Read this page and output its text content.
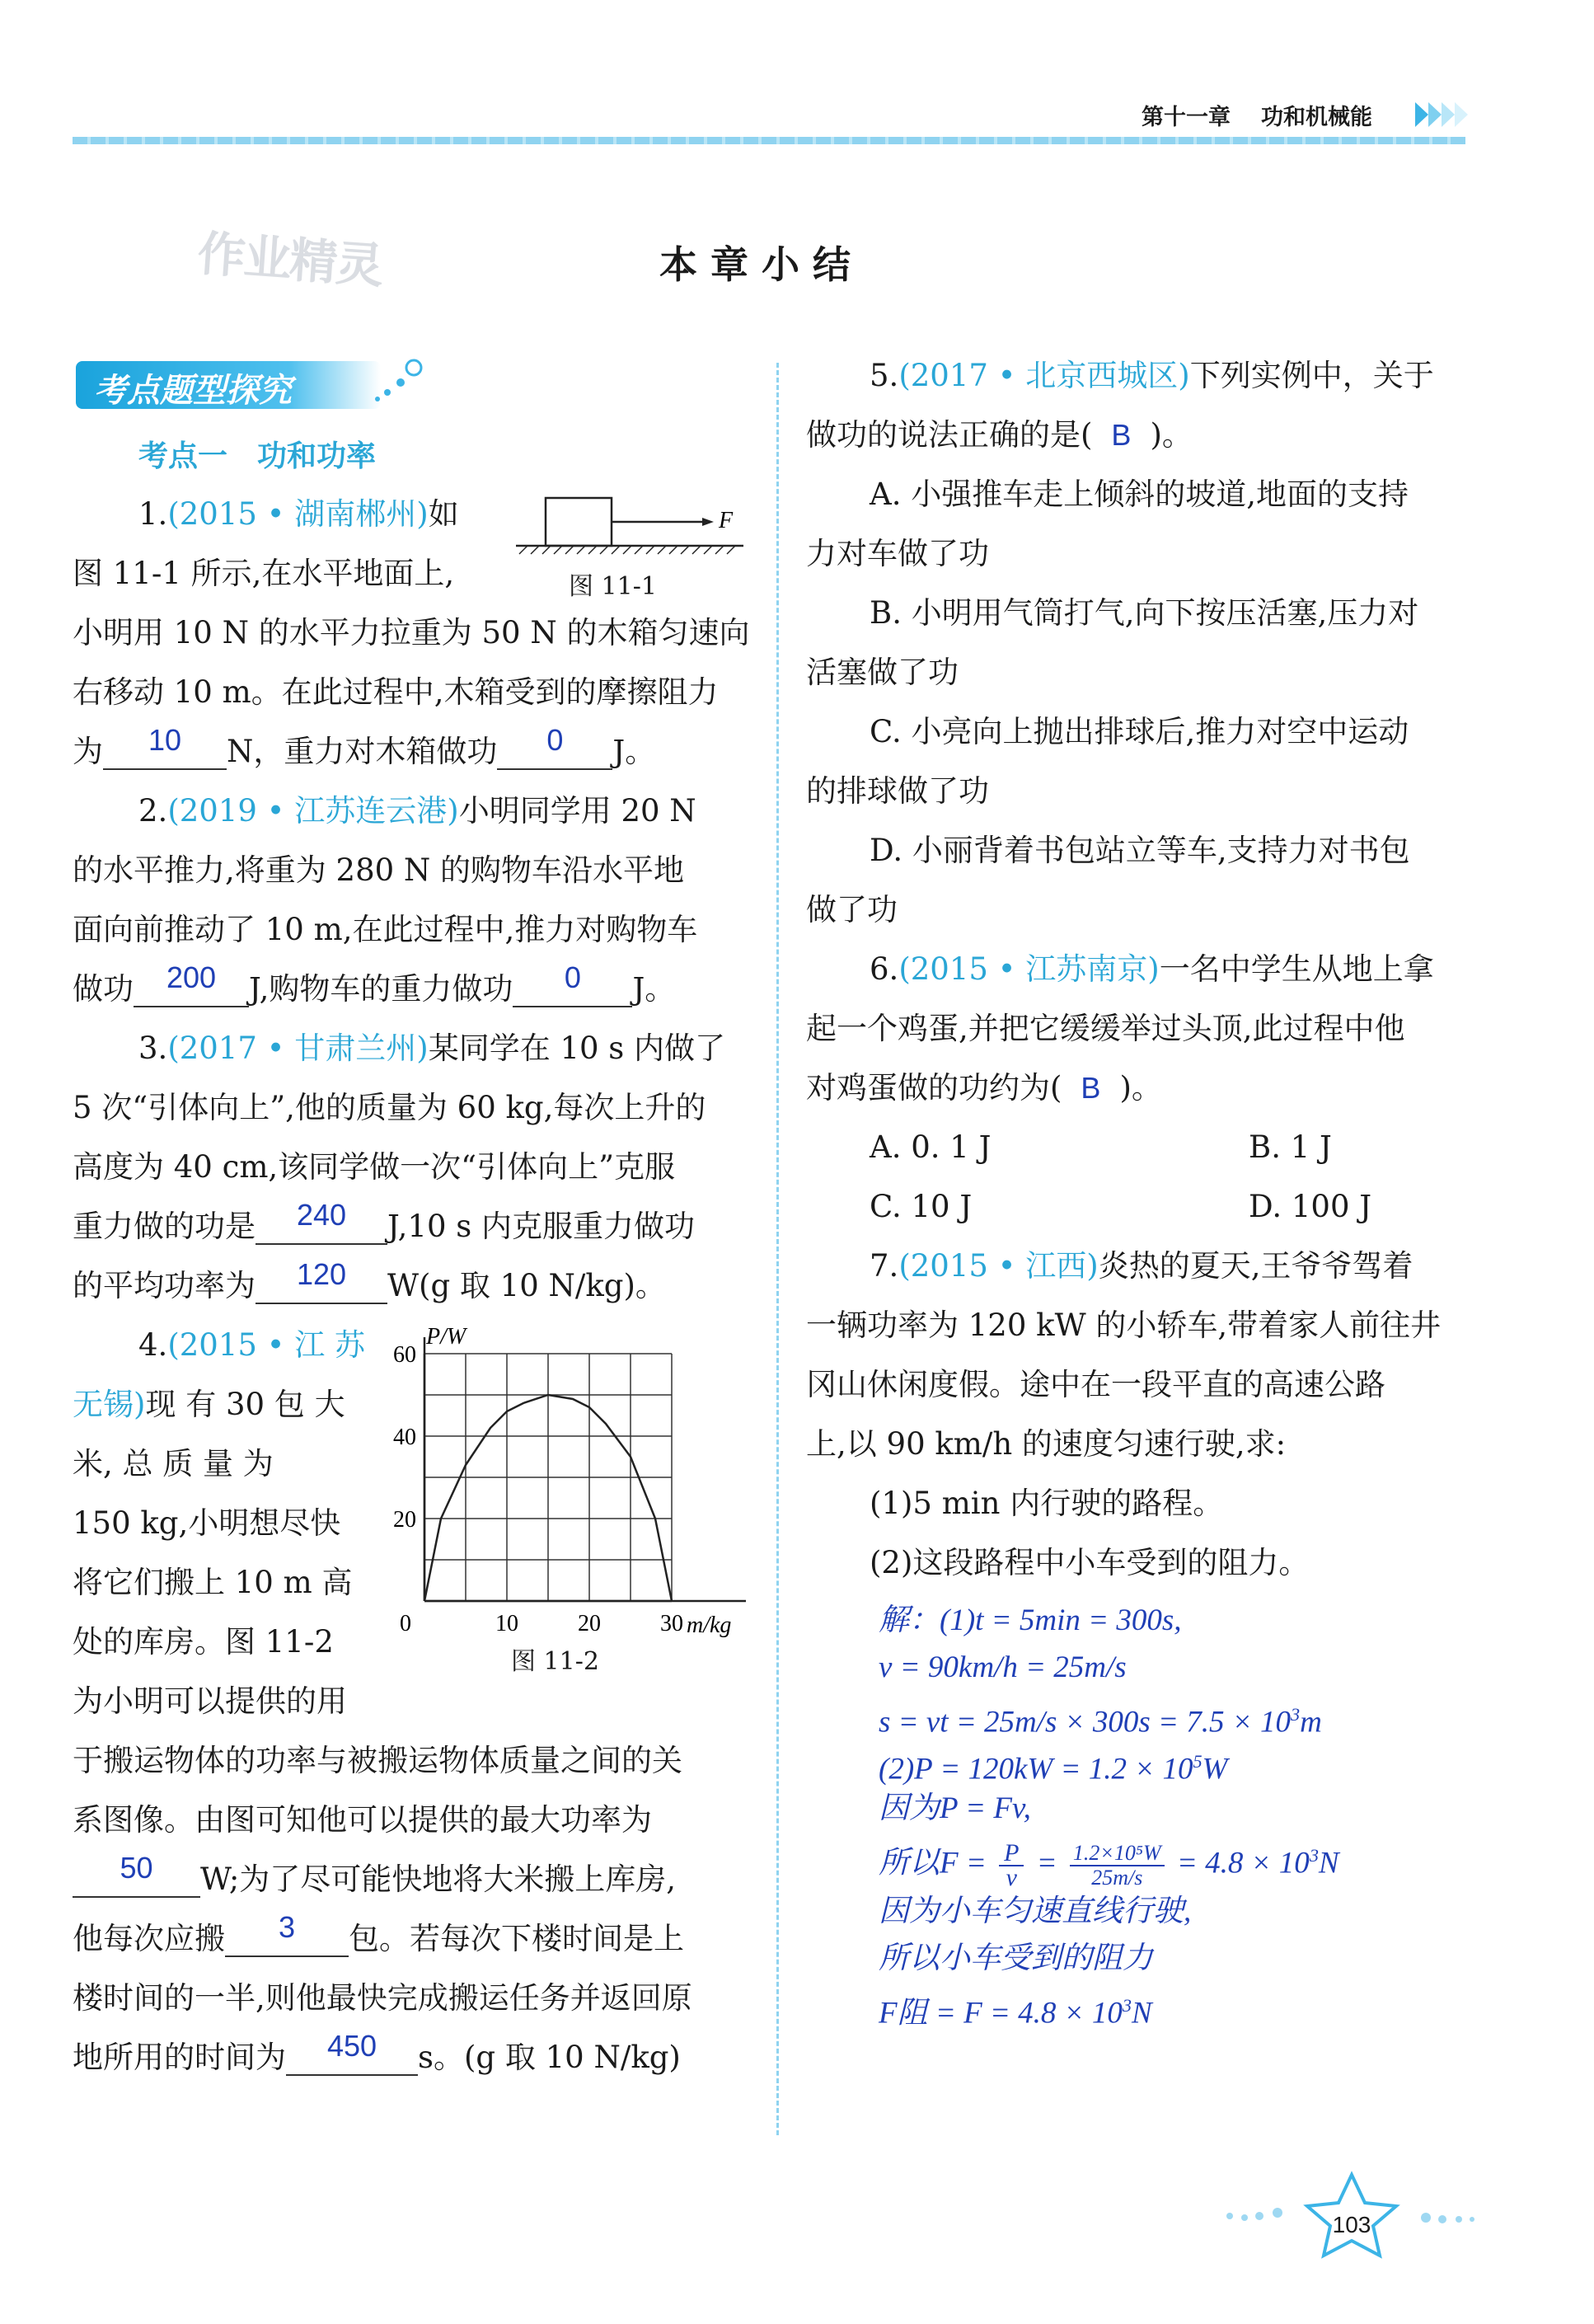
第十一章 功和机械能
作业精灵	本 章 小 结
考点题型探究
考点一　功和功率
1.(2015 • 湖南郴州)如	F
图 11-1
图 11-1 所示,在水平地面上,
小明用 10 N 的水平力拉重为 50 N 的木箱匀速向
右移动 10 m。在此过程中,木箱受到的摩擦阻力
为 10 N，重力对木箱做功 0 J。
2.(2019 • 江苏连云港)小明同学用 20 N
的水平推力,将重为 280 N 的购物车沿水平地
面向前推动了 10 m,在此过程中,推力对购物车
做功 200 J,购物车的重力做功 0 J。
3.(2017 • 甘肃兰州)某同学在 10 s 内做了
5 次“引体向上”,他的质量为 60 kg,每次上升的
高度为 40 cm,该同学做一次“引体向上”克服
重力做的功是 240 J,10 s 内克服重力做功
的平均功率为 120 W(g 取 10 N/kg)。
4.(2015 • 江 苏
无锡)现 有 30 包 大
米, 总 质 量 为
150 kg,小明想尽快
将它们搬上 10 m 高
处的库房。图 11-2
为小明可以提供的用
于搬运物体的功率与被搬运物体质量之间的关
系图像。由图可知他可以提供的最大功率为
50 W;为了尽可能快地将大米搬上库房,
他每次应搬 3 包。若每次下楼时间是上
楼时间的一半,则他最快完成搬运任务并返回原
地所用的时间为 450 s。(g 取 10 N/kg)
0	10	20	30
20
40
60
P/W
m/kg
图 11-2
5.(2017 • 北京西城区)下列实例中，关于
做功的说法正确的是( B )。
A. 小强推车走上倾斜的坡道,地面的支持
力对车做了功
B. 小明用气筒打气,向下按压活塞,压力对
活塞做了功
C. 小亮向上抛出排球后,推力对空中运动
的排球做了功
D. 小丽背着书包站立等车,支持力对书包
做了功
6.(2015 • 江苏南京)一名中学生从地上拿
起一个鸡蛋,并把它缓缓举过头顶,此过程中他
对鸡蛋做的功约为( B )。
A. 0. 1 J	B. 1 J
C. 10 J	D. 100 J
7.(2015 • 江西)炎热的夏天,王爷爷驾着
一辆功率为 120 kW 的小轿车,带着家人前往井
冈山休闲度假。途中在一段平直的高速公路
上,以 90 km/h 的速度匀速行驶,求:
(1)5 min 内行驶的路程。
(2)这段路程中小车受到的阻力。
解：(1)t = 5min = 300s,
v = 90km/h = 25m/s
s = vt = $25m/s \times 300s = 7.5 \times 10^3m$
$(2)P = 120kW = 1.2 \times 10^5W$
因为P = Fv,
所以$F = \frac{P}{v} = \frac{\text{1.2×10⁵W}}{25m/s} = 4.8 \times 10^3N$
因为小车匀速直线行驶,
所以小车受到的阻力
F阻 = $F = 4.8 \times 10^3N$
103
